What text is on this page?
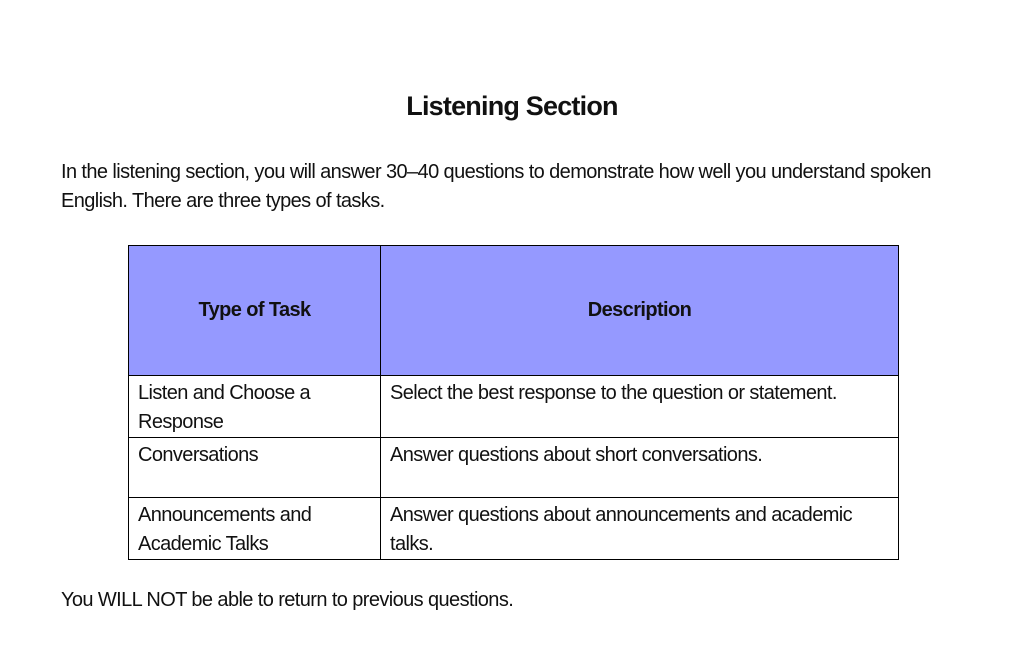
Listening Section

In the listening section, you will answer 30–40 questions to demonstrate how well you understand spoken English. There are three types of tasks.

Type of Task	Description
Listen and Choose a Response	Select the best response to the question or statement.
Conversations	Answer questions about short conversations.
Announcements and Academic Talks	Answer questions about announcements and academic talks.

You WILL NOT be able to return to previous questions.
